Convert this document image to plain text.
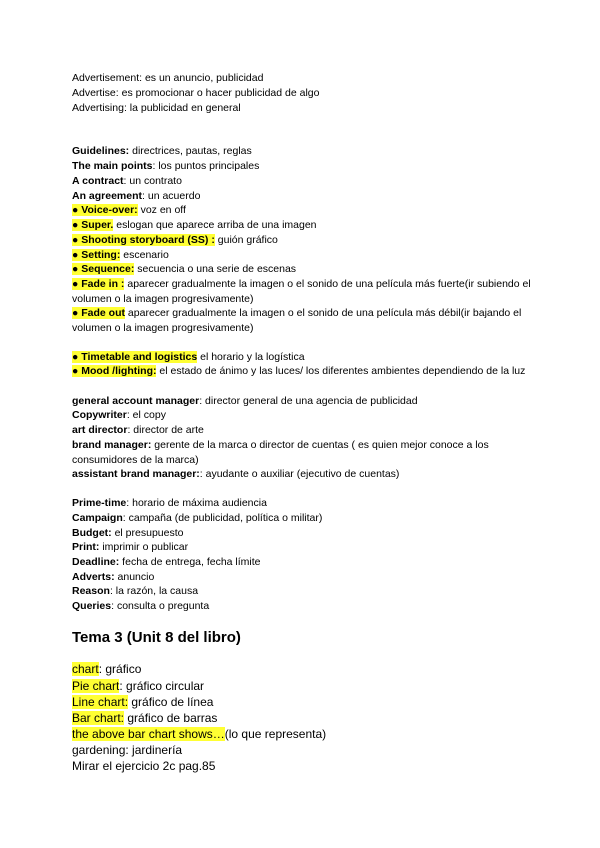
Advertisement: es un anuncio, publicidad
Advertise: es promocionar o hacer publicidad de algo
Advertising: la publicidad en general
Guidelines: directrices, pautas, reglas
The main points: los puntos principales
A contract: un contrato
An agreement: un acuerdo
● Voice-over: voz en off
● Super. eslogan que aparece arriba de una imagen
● Shooting storyboard (SS) : guión gráfico
● Setting: escenario
● Sequence: secuencia o una serie de escenas
● Fade in : aparecer gradualmente la imagen o el sonido de una película más fuerte(ir subiendo el volumen o la imagen progresivamente)
● Fade out aparecer gradualmente la imagen o el sonido de una película más débil(ir bajando el volumen o la imagen progresivamente)
● Timetable and logistics el horario y la logística
● Mood /lighting: el estado de ánimo y las luces/ los diferentes ambientes dependiendo de la luz
general account manager: director general de una agencia de publicidad
Copywriter: el copy
art director: director de arte
brand manager: gerente de la marca o director de cuentas ( es quien mejor conoce a los consumidores de la marca)
assistant brand manager:: ayudante o auxiliar (ejecutivo de cuentas)
Prime-time: horario de máxima audiencia
Campaign: campaña (de publicidad, política o militar)
Budget: el presupuesto
Print: imprimir o publicar
Deadline: fecha de entrega, fecha límite
Adverts: anuncio
Reason: la razón, la causa
Queries: consulta o pregunta
Tema 3 (Unit 8 del libro)
chart: gráfico
Pie chart: gráfico circular
Line chart: gráfico de línea
Bar chart: gráfico de barras
the above bar chart shows…(lo que representa)
gardening: jardinería
Mirar el ejercicio 2c pag.85
